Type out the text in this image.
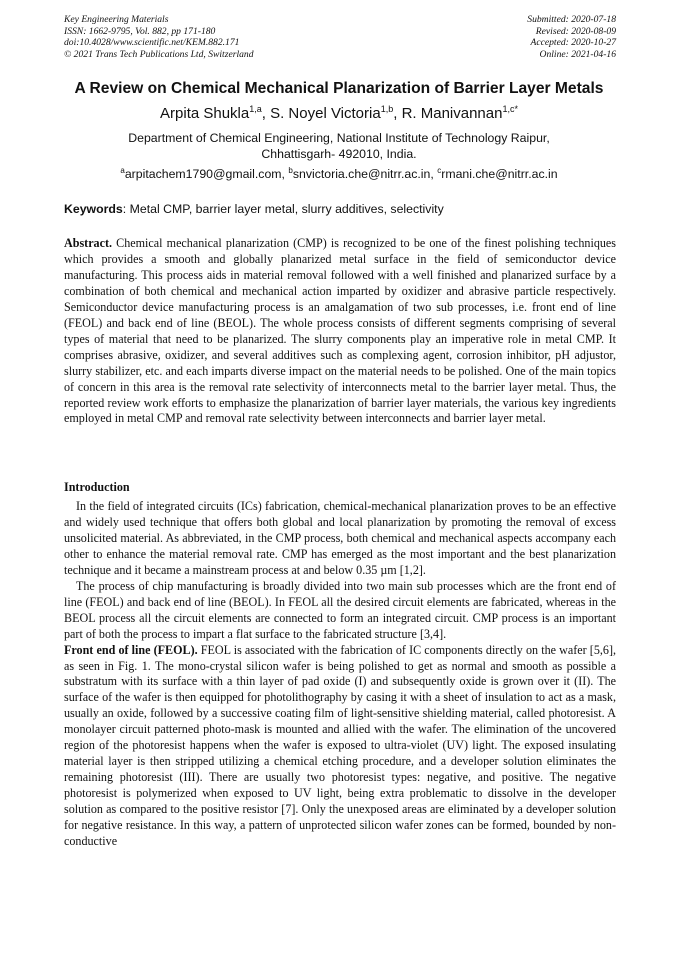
Key Engineering Materials
ISSN: 1662-9795, Vol. 882, pp 171-180
doi:10.4028/www.scientific.net/KEM.882.171
© 2021 Trans Tech Publications Ltd, Switzerland
Submitted: 2020-07-18
Revised: 2020-08-09
Accepted: 2020-10-27
Online: 2021-04-16
A Review on Chemical Mechanical Planarization of Barrier Layer Metals
Arpita Shukla$^{1,a}$, S. Noyel Victoria$^{1,b}$, R. Manivannan$^{1,c*}$
Department of Chemical Engineering, National Institute of Technology Raipur,
Chhattisgarh- 492010, India.
$^a$arpitachem1790@gmail.com, $^b$snvictoria.che@nitrr.ac.in, $^c$rmani.che@nitrr.ac.in
Keywords: Metal CMP, barrier layer metal, slurry additives, selectivity
Abstract. Chemical mechanical planarization (CMP) is recognized to be one of the finest polishing techniques which provides a smooth and globally planarized metal surface in the field of semiconductor device manufacturing. This process aids in material removal followed with a well finished and planarized surface by a combination of both chemical and mechanical action imparted by oxidizer and abrasive particle respectively. Semiconductor device manufacturing process is an amalgamation of two sub processes, i.e. front end of line (FEOL) and back end of line (BEOL). The whole process consists of different segments comprising of several types of material that need to be planarized. The slurry components play an imperative role in metal CMP. It comprises abrasive, oxidizer, and several additives such as complexing agent, corrosion inhibitor, pH adjustor, slurry stabilizer, etc. and each imparts diverse impact on the material needs to be polished. One of the main topics of concern in this area is the removal rate selectivity of interconnects metal to the barrier layer metal. Thus, the reported review work efforts to emphasize the planarization of barrier layer materials, the various key ingredients employed in metal CMP and removal rate selectivity between interconnects and barrier layer metal.
Introduction

In the field of integrated circuits (ICs) fabrication, chemical-mechanical planarization proves to be an effective and widely used technique that offers both global and local planarization by promoting the removal of excess unsolicited material. As abbreviated, in the CMP process, both chemical and mechanical aspects accompany each other to enhance the material removal rate. CMP has emerged as the most important and the best planarization technique and it became a mainstream process at and below 0.35 µm [1,2].

The process of chip manufacturing is broadly divided into two main sub processes which are the front end of line (FEOL) and back end of line (BEOL). In FEOL all the desired circuit elements are fabricated, whereas in the BEOL process all the circuit elements are connected to form an integrated circuit. CMP process is an important part of both the process to impart a flat surface to the fabricated structure [3,4].

Front end of line (FEOL). FEOL is associated with the fabrication of IC components directly on the wafer [5,6], as seen in Fig. 1. The mono-crystal silicon wafer is being polished to get as normal and smooth as possible a substratum with its surface with a thin layer of pad oxide (I) and subsequently oxide is grown over it (II). The surface of the wafer is then equipped for photolithography by casing it with a sheet of insulation to act as a mask, usually an oxide, followed by a successive coating film of light-sensitive shielding material, called photoresist. A monolayer circuit patterned photo-mask is mounted and allied with the wafer. The elimination of the uncovered region of the photoresist happens when the wafer is exposed to ultra-violet (UV) light. The exposed insulating material layer is then stripped utilizing a chemical etching procedure, and a developer solution eliminates the remaining photoresist (III). There are usually two photoresist types: negative, and positive. The negative photoresist is polymerized when exposed to UV light, being extra problematic to dissolve in the developer solution as compared to the positive resistor [7]. Only the unexposed areas are eliminated by a developer solution for negative resistance. In this way, a pattern of unprotected silicon wafer zones can be formed, bounded by non-conductive
